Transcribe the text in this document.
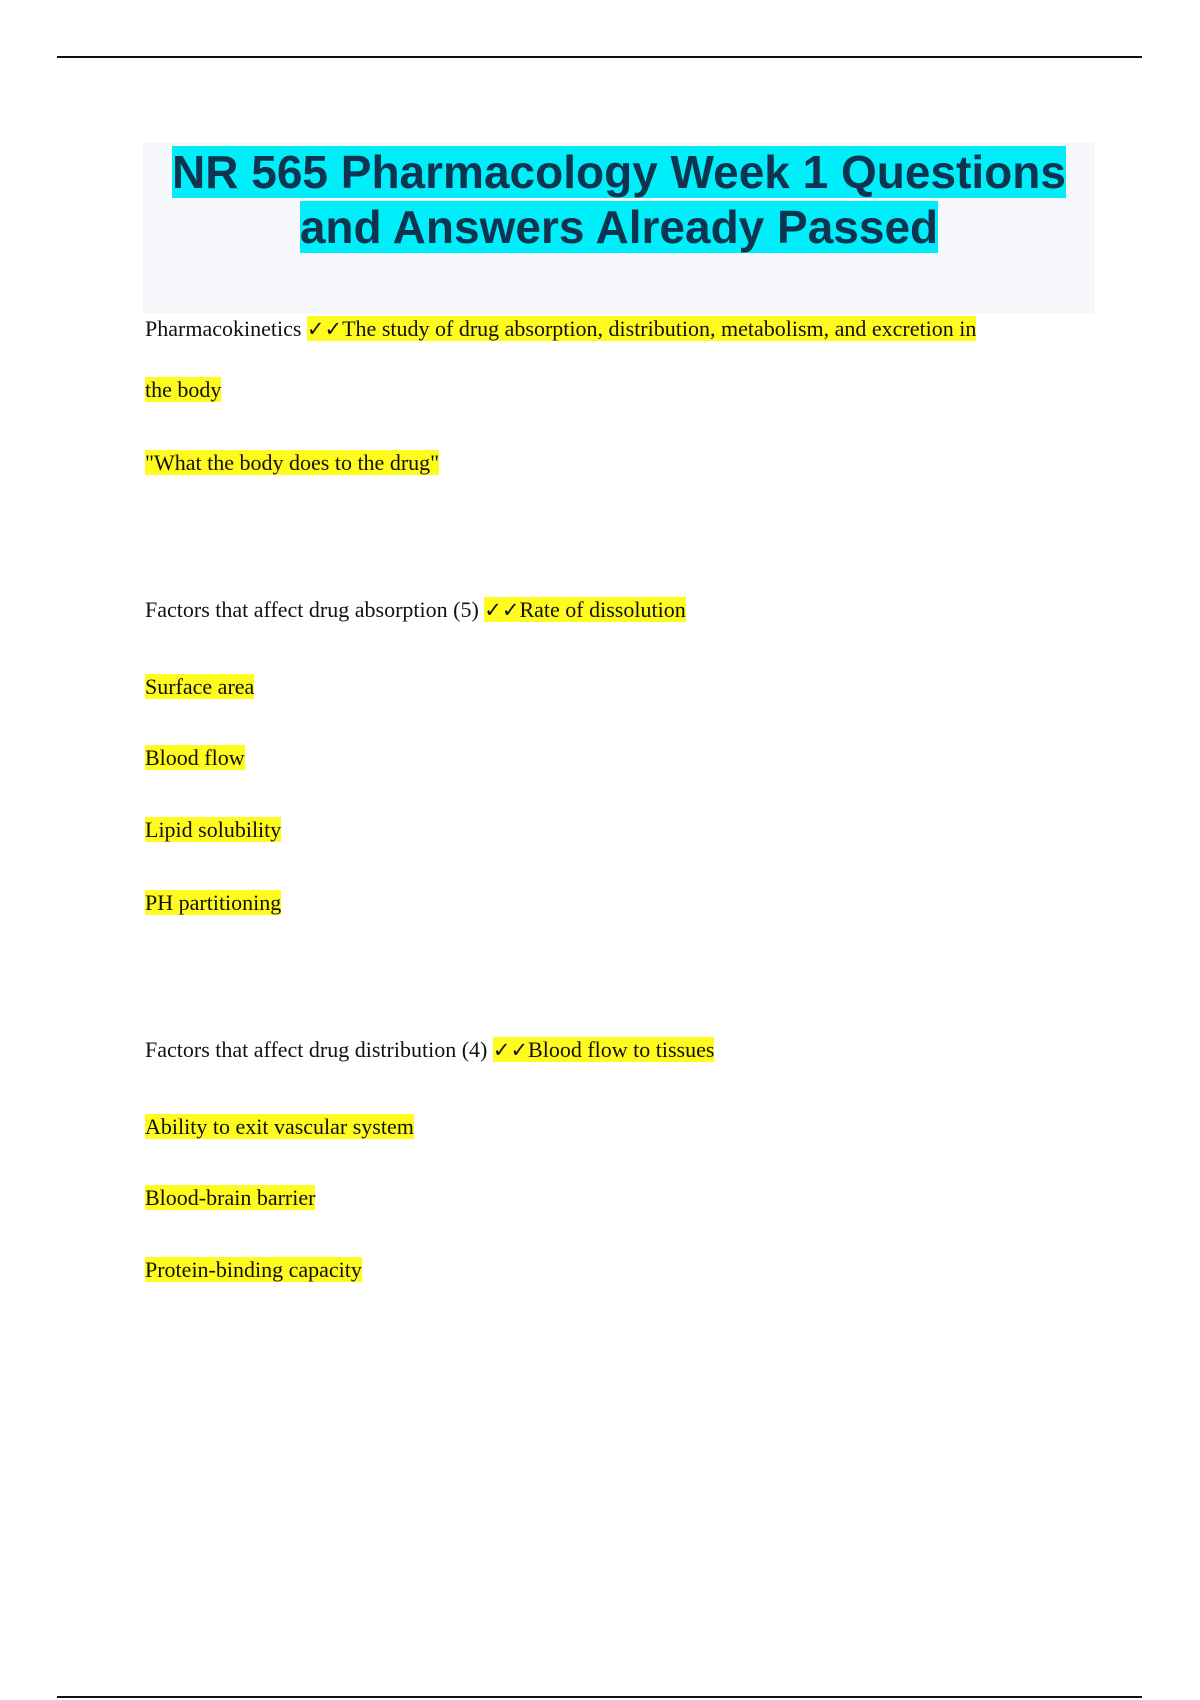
NR 565 Pharmacology Week 1 Questions
and Answers Already Passed

Pharmacokinetics ✓✓The study of drug absorption, distribution, metabolism, and excretion in

the body

"What the body does to the drug"

Factors that affect drug absorption (5) ✓✓Rate of dissolution

Surface area

Blood flow

Lipid solubility

PH partitioning

Factors that affect drug distribution (4) ✓✓Blood flow to tissues

Ability to exit vascular system

Blood-brain barrier

Protein-binding capacity
